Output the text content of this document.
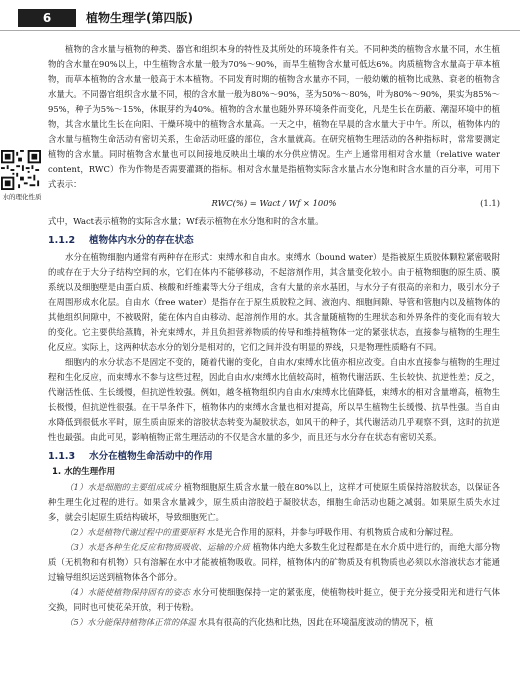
6	植物生理学(第四版)
水的理化性质

植物的含水量与植物的种类、器官和组织本身的特性及其所处的环境条件有关。不同种类的植物含水量不同，水生植物的含水量在90%以上，中生植物含水量一般为70%～90%，而旱生植物含水量可低达6%。肉质植物含水量高于草本植物，而草本植物的含水量一般高于木本植物。不同发育时期的植物含水量亦不同，一般幼嫩的植物比成熟、衰老的植物含水量大。不同器官组织含水量不同，根的含水量一般为80%～90%，茎为50%～80%，叶为80%～90%，果实为85%～95%，种子为5%～15%，休眠芽约为40%。植物的含水量也随外界环境条件而变化，凡是生长在荫蔽、潮湿环境中的植物，其含水量比生长在向阳、干燥环境中的植物含水量高。一天之中，植物在早晨的含水量大于中午。所以，植物体内的含水量与植物生命活动有密切关系，生命活动旺盛的部位，含水量就高。在研究植物生理活动的各种指标时，常常要测定植物的含水量。同时植物含水量也可以间接地反映出土壤的水分供应情况。生产上通常用相对含水量（relative water content，RWC）作为作物是否需要灌溉的指标。相对含水量是指植物实际含水量占水分饱和时含水量的百分率，可用下式表示：

RWC(%) = Wact / Wf × 100%	(1.1)

式中，Wact表示植物的实际含水量；Wf表示植物在水分饱和时的含水量。

1.1.2 植物体内水分的存在状态

水分在植物细胞内通常有两种存在形式：束缚水和自由水。束缚水（bound water）是指被原生质胶体颗粒紧密吸附的或存在于大分子结构空间的水，它们在体内不能够移动，不起溶剂作用，其含量变化较小。由于植物细胞的原生质、膜系统以及细胞壁是由蛋白质、核酸和纤维素等大分子组成，含有大量的亲水基团，与水分子有很高的亲和力，吸引水分子在周围形成水化层。自由水（free water）是指存在于原生质胶粒之间、液泡内、细胞间隙、导管和管胞内以及植物体的其他组织间隙中，不被吸附，能在体内自由移动、起溶剂作用的水。其含量随植物的生理状态和外界条件的变化而有较大的变化。它主要供给蒸腾，补充束缚水，并且负担营养物质的传导和维持植物体一定的紧张状态，直接参与植物的生理生化反应。实际上，这两种状态水分的划分是相对的，它们之间并没有明显的界线，只是物理性质略有不同。

细胞内的水分状态不是固定不变的，随着代谢的变化，自由水/束缚水比值亦相应改变。自由水直接参与植物的生理过程和生化反应，而束缚水不参与这些过程，因此自由水/束缚水比值较高时，植物代谢活跃、生长较快、抗逆性差；反之，代谢活性低、生长缓慢，但抗逆性较强。例如，越冬植物组织内自由水/束缚水比值降低，束缚水的相对含量增高，植物生长极慢，但抗逆性很强。在干旱条件下，植物体内的束缚水含量也相对提高，所以旱生植物生长缓慢、抗旱性强。当自由水降低到很低水平时，原生质由原来的溶胶状态转变为凝胶状态，如风干的种子，其代谢活动几乎观察不到，这时的抗逆性也最强。由此可见，影响植物正常生理活动的不仅是含水量的多少，而且还与水分存在状态有密切关系。

1.1.3 水分在植物生命活动中的作用
1. 水的生理作用

（1）水是细胞的主要组成成分 植物细胞原生质含水量一般在80%以上，这样才可使原生质保持溶胶状态，以保证各种生理生化过程的进行。如果含水量减少，原生质由溶胶趋于凝胶状态，细胞生命活动也随之减弱。如果原生质失水过多，就会引起原生质结构破坏，导致细胞死亡。

（2）水是植物代谢过程中的重要原料 水是光合作用的原料，并参与呼吸作用、有机物质合成和分解过程。

（3）水是各种生化反应和物质吸收、运输的介质 植物体内绝大多数生化过程都是在水介质中进行的，而绝大部分物质（无机物和有机物）只有溶解在水中才能被植物吸收。同样，植物体内的矿物质及有机物质也必须以水溶液状态才能通过输导组织运送到植物体各个部分。

（4）水能使植物保持固有的姿态 水分可使细胞保持一定的紧张度，使植物枝叶挺立，便于充分接受阳光和进行气体交换，同时也可使花朵开放，利于传粉。

（5）水分能保持植物体正常的体温 水具有很高的汽化热和比热，因此在环境温度波动的情况下，植
